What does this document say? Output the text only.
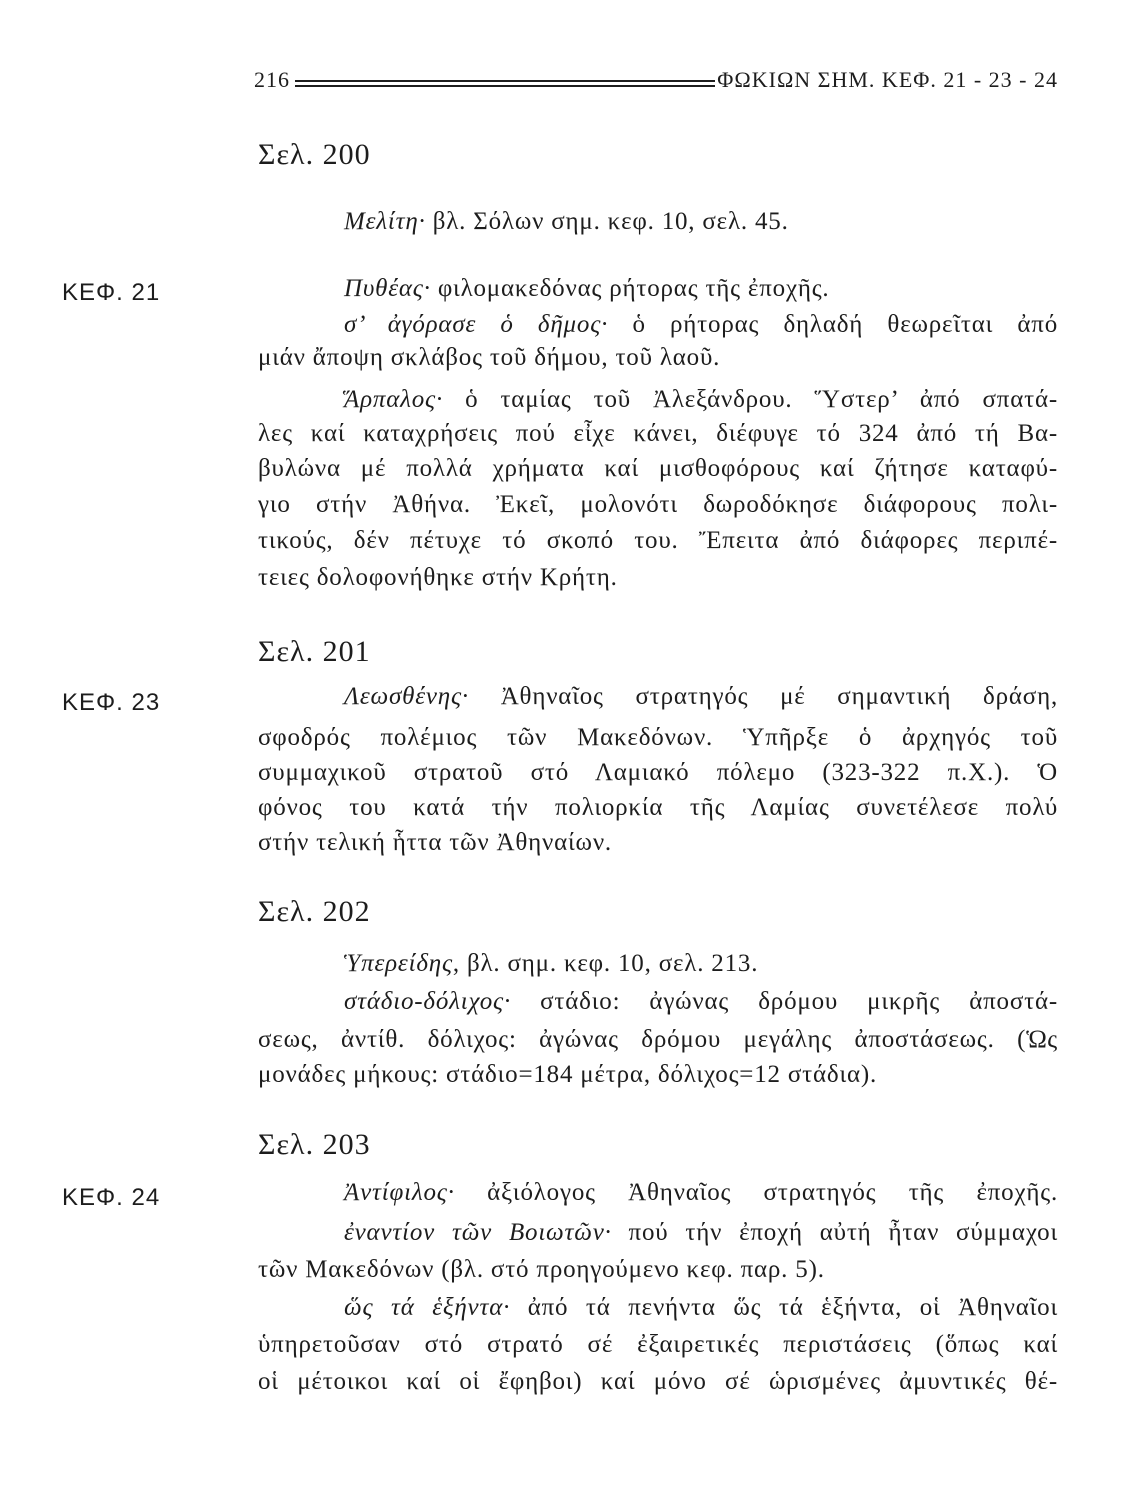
216	ΦΩΚΙΩΝ ΣΗΜ. ΚΕΦ. 21 - 23 - 24
ΚΕΦ. 21
ΚΕΦ. 23
ΚΕΦ. 24
Σελ. 200
Μελίτη· βλ. Σόλων σημ. κεφ. 10, σελ. 45.
Πυθέας· φιλομακεδόνας ρήτορας τῆς ἐποχῆς.
σ’ ἀγόρασε ὁ δῆμος· ὁ ρήτορας δηλαδή θεωρεῖται ἀπό
μιάν ἄποψη σκλάβος τοῦ δήμου, τοῦ λαοῦ.
Ἅρπαλος· ὁ ταμίας τοῦ Ἀλεξάνδρου. Ὕστερ’ ἀπό σπατά-
λες καί καταχρήσεις πού εἶχε κάνει, διέφυγε τό 324 ἀπό τή Βα-
βυλώνα μέ πολλά χρήματα καί μισθοφόρους καί ζήτησε καταφύ-
γιο στήν Ἀθήνα. Ἐκεῖ, μολονότι δωροδόκησε διάφορους πολι-
τικούς, δέν πέτυχε τό σκοπό του. Ἔπειτα ἀπό διάφορες περιπέ-
τειες δολοφονήθηκε στήν Κρήτη.
Σελ. 201
Λεωσθένης· Ἀθηναῖος στρατηγός μέ σημαντική δράση,
σφοδρός πολέμιος τῶν Μακεδόνων. Ὑπῆρξε ὁ ἀρχηγός τοῦ
συμμαχικοῦ στρατοῦ στό Λαμιακό πόλεμο (323-322 π.Χ.). Ὁ
φόνος του κατά τήν πολιορκία τῆς Λαμίας συνετέλεσε πολύ
στήν τελική ἧττα τῶν Ἀθηναίων.
Σελ. 202
Ὑπερείδης, βλ. σημ. κεφ. 10, σελ. 213.
στάδιο-δόλιχος· στάδιο: ἀγώνας δρόμου μικρῆς ἀποστά-
σεως, ἀντίθ. δόλιχος: ἀγώνας δρόμου μεγάλης ἀποστάσεως. (Ὡς
μονάδες μήκους: στάδιο=184 μέτρα, δόλιχος=12 στάδια).
Σελ. 203
Ἀντίφιλος· ἀξιόλογος Ἀθηναῖος στρατηγός τῆς ἐποχῆς.
ἐναντίον τῶν Βοιωτῶν· πού τήν ἐποχή αὐτή ἦταν σύμμαχοι
τῶν Μακεδόνων (βλ. στό προηγούμενο κεφ. παρ. 5).
ὥς τά ἑξήντα· ἀπό τά πενήντα ὥς τά ἑξήντα, οἱ Ἀθηναῖοι
ὑπηρετοῦσαν στό στρατό σέ ἐξαιρετικές περιστάσεις (ὅπως καί
οἱ μέτοικοι καί οἱ ἔφηβοι) καί μόνο σέ ὡρισμένες ἀμυντικές θέ-
